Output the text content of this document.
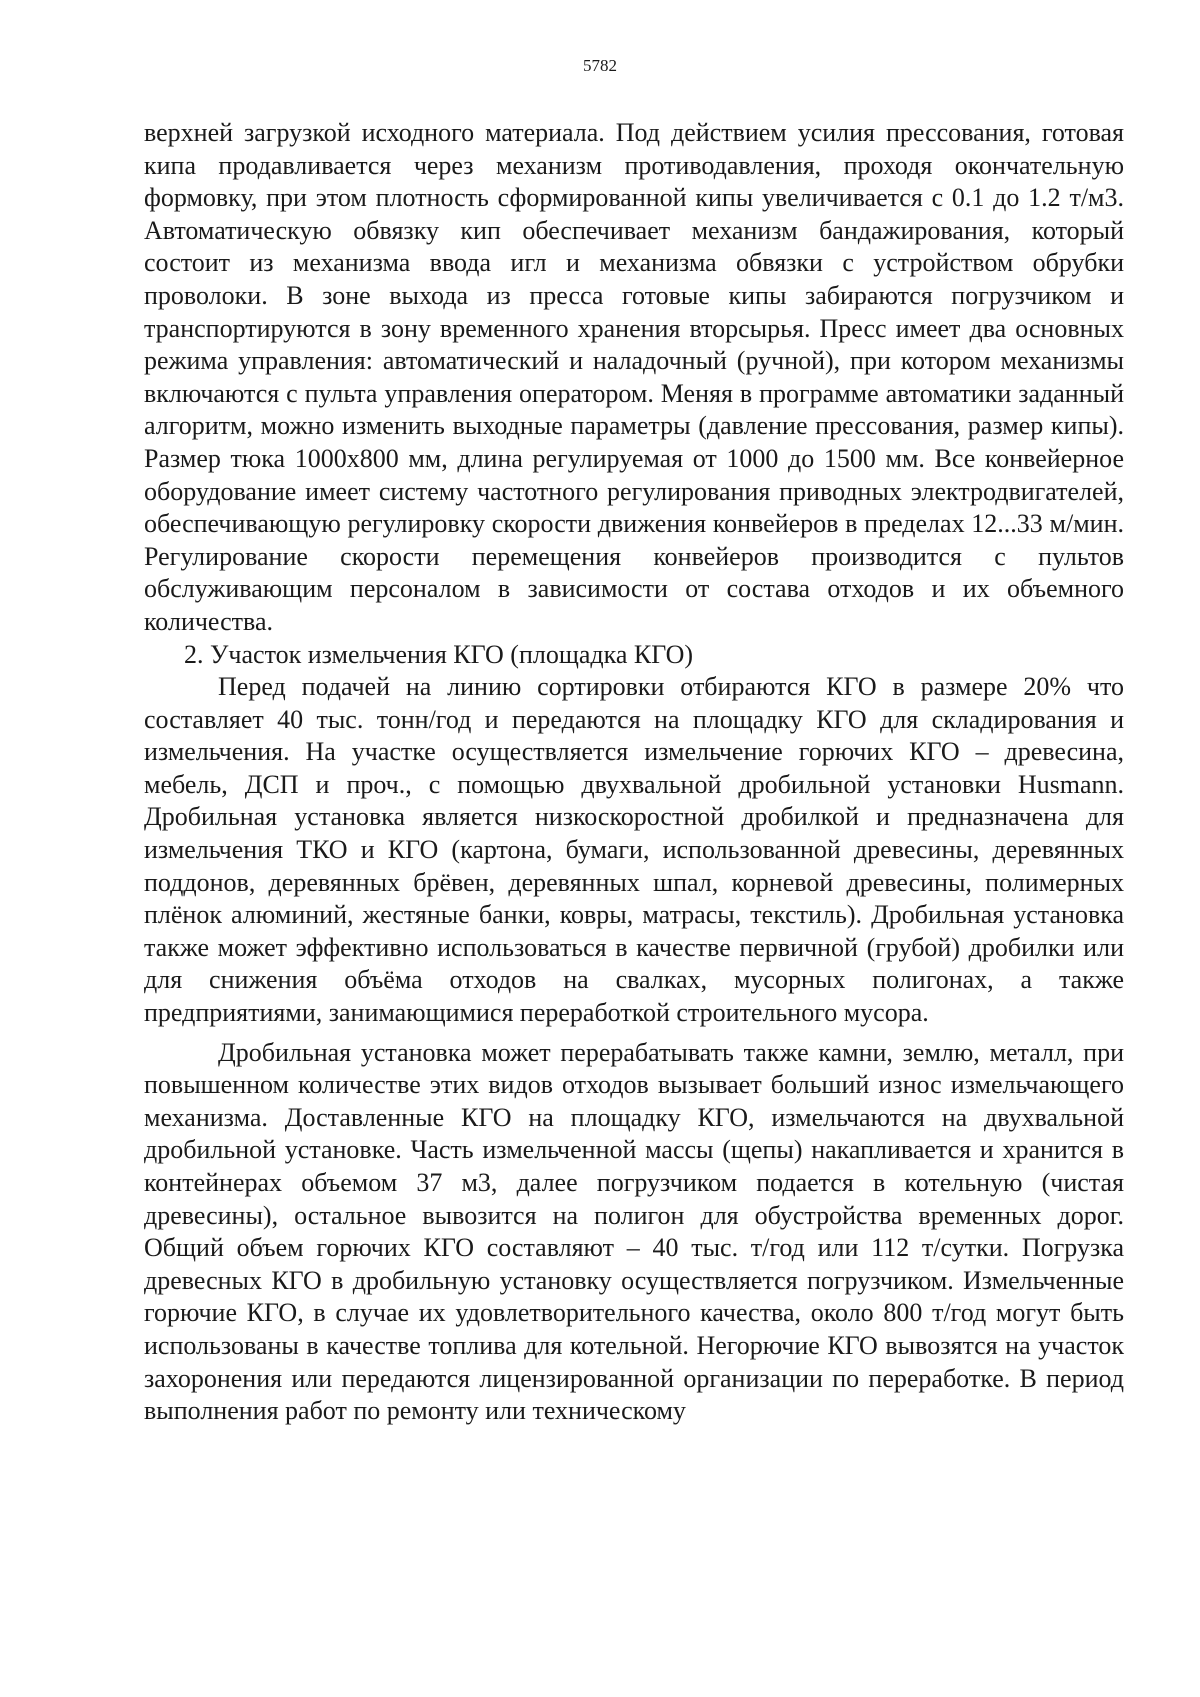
5782

верхней загрузкой исходного материала. Под действием усилия прессования, готовая кипа продавливается через механизм противодавления, проходя окончательную формовку, при этом плотность сформированной кипы увеличивается с 0.1 до 1.2 т/м3. Автоматическую обвязку кип обеспечивает механизм бандажирования, который состоит из механизма ввода игл и механизма обвязки с устройством обрубки проволоки. В зоне выхода из пресса готовые кипы забираются погрузчиком и транспортируются в зону временного хранения вторсырья. Пресс имеет два основных режима управления: автоматический и наладочный (ручной), при котором механизмы включаются с пульта управления оператором. Меняя в программе автоматики заданный алгоритм, можно изменить выходные параметры (давление прессования, размер кипы). Размер тюка 1000х800 мм, длина регулируемая от 1000 до 1500 мм. Все конвейерное оборудование имеет систему частотного регулирования приводных электродвигателей, обеспечивающую регулировку скорости движения конвейеров в пределах 12...33 м/мин. Регулирование скорости перемещения конвейеров производится с пультов обслуживающим персоналом в зависимости от состава отходов и их объемного количества.

2. Участок измельчения КГО (площадка КГО)

Перед подачей на линию сортировки отбираются КГО в размере 20% что составляет 40 тыс. тонн/год и передаются на площадку КГО для складирования и измельчения. На участке осуществляется измельчение горючих КГО – древесина, мебель, ДСП и проч., с помощью двухвальной дробильной установки Husmann. Дробильная установка является низкоскоростной дробилкой и предназначена для измельчения ТКО и КГО (картона, бумаги, использованной древесины, деревянных поддонов, деревянных брёвен, деревянных шпал, корневой древесины, полимерных плёнок алюминий, жестяные банки, ковры, матрасы, текстиль). Дробильная установка также может эффективно использоваться в качестве первичной (грубой) дробилки или для снижения объёма отходов на свалках, мусорных полигонах, а также предприятиями, занимающимися переработкой строительного мусора.

Дробильная установка может перерабатывать также камни, землю, металл, при повышенном количестве этих видов отходов вызывает больший износ измельчающего механизма. Доставленные КГО на площадку КГО, измельчаются на двухвальной дробильной установке. Часть измельченной массы (щепы) накапливается и хранится в контейнерах объемом 37 м3, далее погрузчиком подается в котельную (чистая древесины), остальное вывозится на полигон для обустройства временных дорог. Общий объем горючих КГО составляют – 40 тыс. т/год или 112 т/сутки. Погрузка древесных КГО в дробильную установку осуществляется погрузчиком. Измельченные горючие КГО, в случае их удовлетворительного качества, около 800 т/год могут быть использованы в качестве топлива для котельной. Негорючие КГО вывозятся на участок захоронения или передаются лицензированной организации по переработке. В период выполнения работ по ремонту или техническому
